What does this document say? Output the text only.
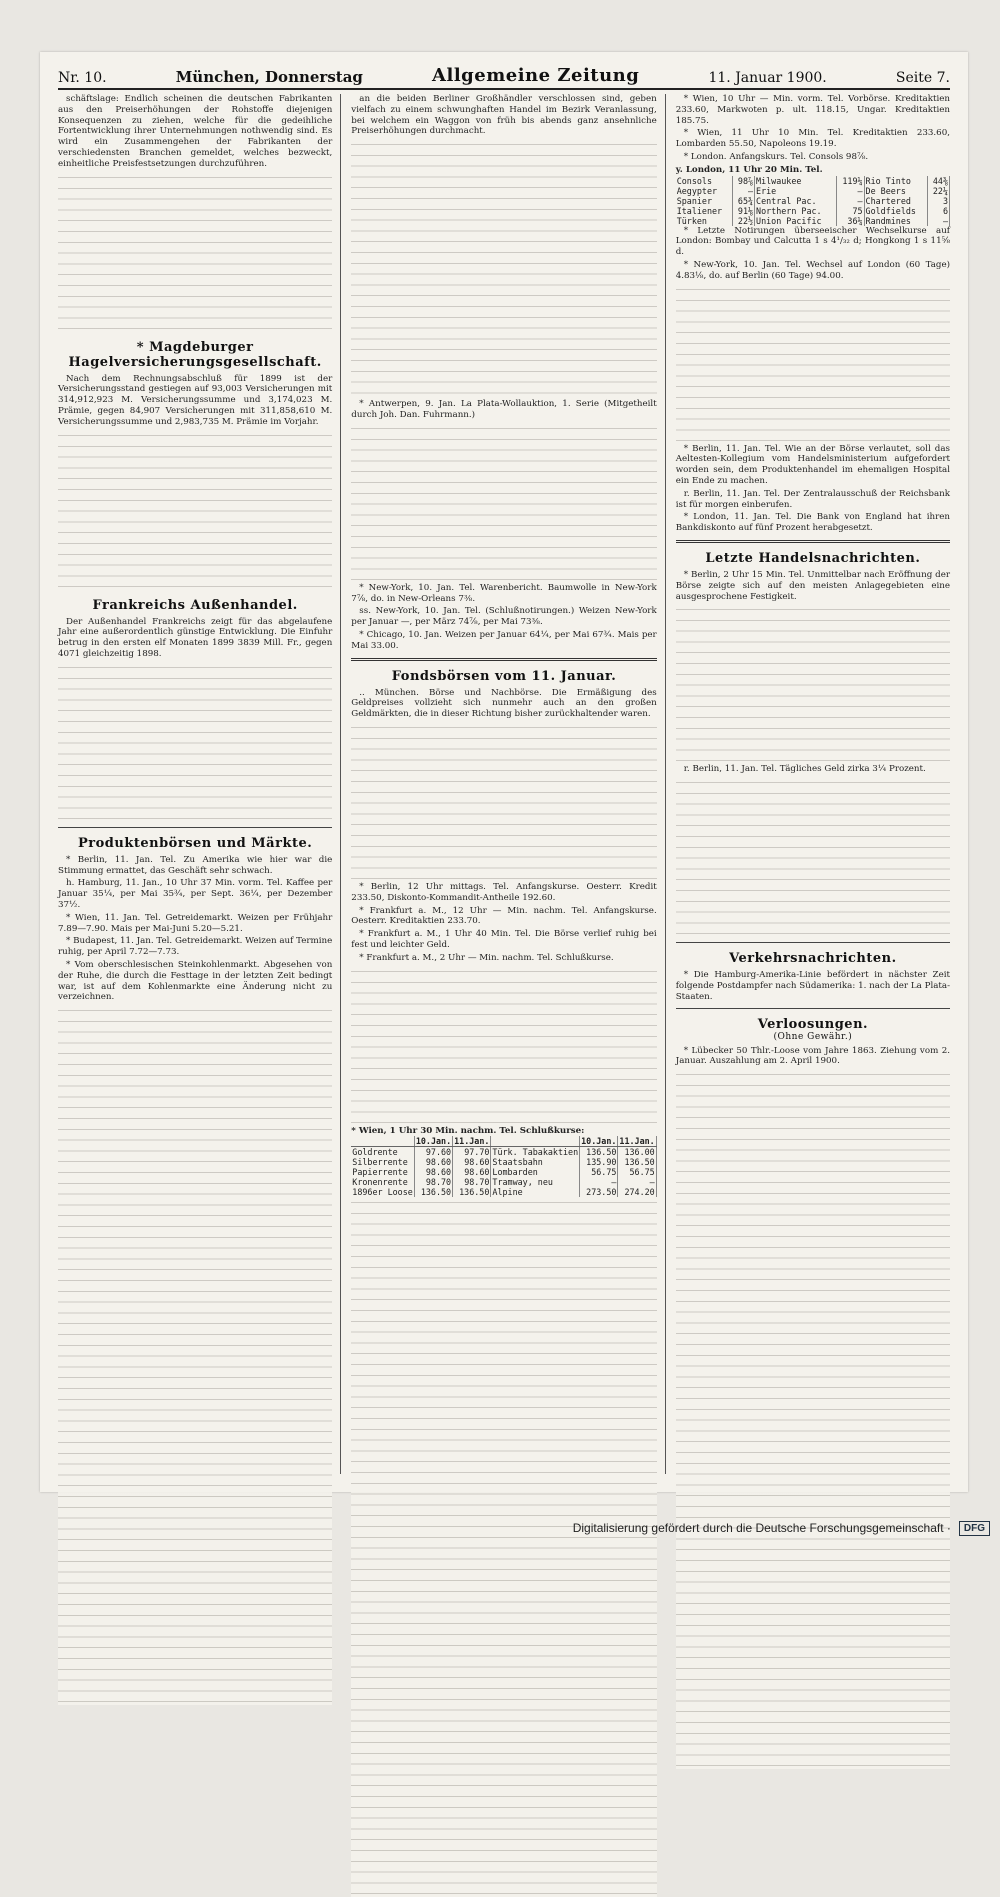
Nr. 10.	München, Donnerstag	Allgemeine Zeitung	11. Januar 1900.	Seite 7.

schäftslage: Endlich scheinen die deutschen Fabrikanten aus den Preiserhöhungen der Rohstoffe diejenigen Konsequenzen zu ziehen, welche für die gedeihliche Fortentwicklung ihrer Unternehmungen nothwendig sind. Es wird ein Zusammengehen der Fabrikanten der verschiedensten Branchen gemeldet, welches bezweckt, einheitliche Preisfestsetzungen durchzuführen.

* Magdeburger Hagelversicherungsgesellschaft.

Nach dem Rechnungsabschluß für 1899 ist der Versicherungsstand gestiegen auf 93,003 Versicherungen mit 314,912,923 M. Versicherungssumme und 3,174,023 M. Prämie, gegen 84,907 Versicherungen mit 311,858,610 M. Versicherungssumme und 2,983,735 M. Prämie im Vorjahr.

Frankreichs Außenhandel.

Der Außenhandel Frankreichs zeigt für das abgelaufene Jahr eine außerordentlich günstige Entwicklung. Die Einfuhr betrug in den ersten elf Monaten 1899 3839 Mill. Fr., gegen 4071 gleichzeitig 1898.

Produktenbörsen und Märkte.

* Berlin, 11. Jan. Tel. Zu Amerika wie hier war die Stimmung ermattet, das Geschäft sehr schwach.

h. Hamburg, 11. Jan., 10 Uhr 37 Min. vorm. Tel. Kaffee per Januar 35¼, per Mai 35¾, per Sept. 36¼, per Dezember 37½.

* Wien, 11. Jan. Tel. Getreidemarkt. Weizen per Frühjahr 7.89—7.90. Mais per Mai-Juni 5.20—5.21.

* Budapest, 11. Jan. Tel. Getreidemarkt. Weizen auf Termine ruhig, per April 7.72—7.73.

* Vom oberschlesischen Steinkohlenmarkt. Abgesehen von der Ruhe, die durch die Festtage in der letzten Zeit bedingt war, ist auf dem Kohlenmarkte eine Änderung nicht zu verzeichnen.

an die beiden Berliner Großhändler verschlossen sind, geben vielfach zu einem schwunghaften Handel im Bezirk Veranlassung, bei welchem ein Waggon von früh bis abends ganz ansehnliche Preiserhöhungen durchmacht.

* Antwerpen, 9. Jan. La Plata-Wollauktion, 1. Serie (Mitgetheilt durch Joh. Dan. Fuhrmann.)

* New-York, 10. Jan. Tel. Warenbericht. Baumwolle in New-York 7⅞, do. in New-Orleans 7⅜.

ss. New-York, 10. Jan. Tel. (Schlußnotirungen.) Weizen New-York per Januar —, per März 74⅞, per Mai 73⅜.

* Chicago, 10. Jan. Weizen per Januar 64¼, per Mai 67¾. Mais per Mai 33.00.

Fondsbörsen vom 11. Januar.

.. München. Börse und Nachbörse. Die Ermäßigung des Geldpreises vollzieht sich nunmehr auch an den großen Geldmärkten, die in dieser Richtung bisher zurückhaltender waren.

* Berlin, 12 Uhr mittags. Tel. Anfangskurse. Oesterr. Kredit 233.50, Diskonto-Kommandit-Antheile 192.60.

* Frankfurt a. M., 12 Uhr — Min. nachm. Tel. Anfangskurse. Oesterr. Kreditaktien 233.70.

* Frankfurt a. M., 1 Uhr 40 Min. Tel. Die Börse verlief ruhig bei fest und leichter Geld.

* Frankfurt a. M., 2 Uhr — Min. nachm. Tel. Schlußkurse.

* Wien, 1 Uhr 30 Min. nachm. Tel. Schlußkurse:
	10.Jan.	11.Jan.		10.Jan.	11.Jan.
Goldrente	97.60	97.70	Türk. Tabakaktien	136.50	136.00
Silberrente	98.60	98.60	Staatsbahn	135.90	136.50
Papierrente	98.60	98.60	Lombarden	56.75	56.75
Kronenrente	98.70	98.70	Tramway, neu	—	—
1896er Loose	136.50	136.50	Alpine	273.50	274.20

* Wien, 10 Uhr — Min. vorm. Tel. Vorbörse. Kreditaktien 233.60, Markwoten p. ult. 118.15, Ungar. Kreditaktien 185.75.

* Wien, 11 Uhr 10 Min. Tel. Kreditaktien 233.60, Lombarden 55.50, Napoleons 19.19.

* London. Anfangskurs. Tel. Consols 98⅞.

y. London, 11 Uhr 20 Min. Tel.
Consols	98⅞	Milwaukee	119¼	Rio Tinto	44⅜
Aegypter	—	Erie	—	De Beers	22¼
Spanier	65¾	Central Pac.	—	Chartered	3
Italiener	91⅛	Northern Pac.	75	Goldfields	6
Türken	22½	Union Pacific	36¼	Randmines	—

* Letzte Notirungen überseeischer Wechselkurse auf London: Bombay und Calcutta 1 s 4¹/₃₂ d; Hongkong 1 s 11⅝ d.

* New-York, 10. Jan. Tel. Wechsel auf London (60 Tage) 4.83⅛, do. auf Berlin (60 Tage) 94.00.

* Berlin, 11. Jan. Tel. Wie an der Börse verlautet, soll das Aeltesten-Kollegium vom Handelsministerium aufgefordert worden sein, dem Produktenhandel im ehemaligen Hospital ein Ende zu machen.

r. Berlin, 11. Jan. Tel. Der Zentralausschuß der Reichsbank ist für morgen einberufen.

* London, 11. Jan. Tel. Die Bank von England hat ihren Bankdiskonto auf fünf Prozent herabgesetzt.

Letzte Handelsnachrichten.

* Berlin, 2 Uhr 15 Min. Tel. Unmittelbar nach Eröffnung der Börse zeigte sich auf den meisten Anlagegebieten eine ausgesprochene Festigkeit.

r. Berlin, 11. Jan. Tel. Tägliches Geld zirka 3¼ Prozent.

Verkehrsnachrichten.

* Die Hamburg-Amerika-Linie befördert in nächster Zeit folgende Postdampfer nach Südamerika: 1. nach der La Plata-Staaten.

Verloosungen.
(Ohne Gewähr.)

* Lübecker 50 Thlr.-Loose vom Jahre 1863. Ziehung vom 2. Januar. Auszahlung am 2. April 1900.

Digitalisierung gefördert durch die Deutsche Forschungsgemeinschaft ·	DFG
